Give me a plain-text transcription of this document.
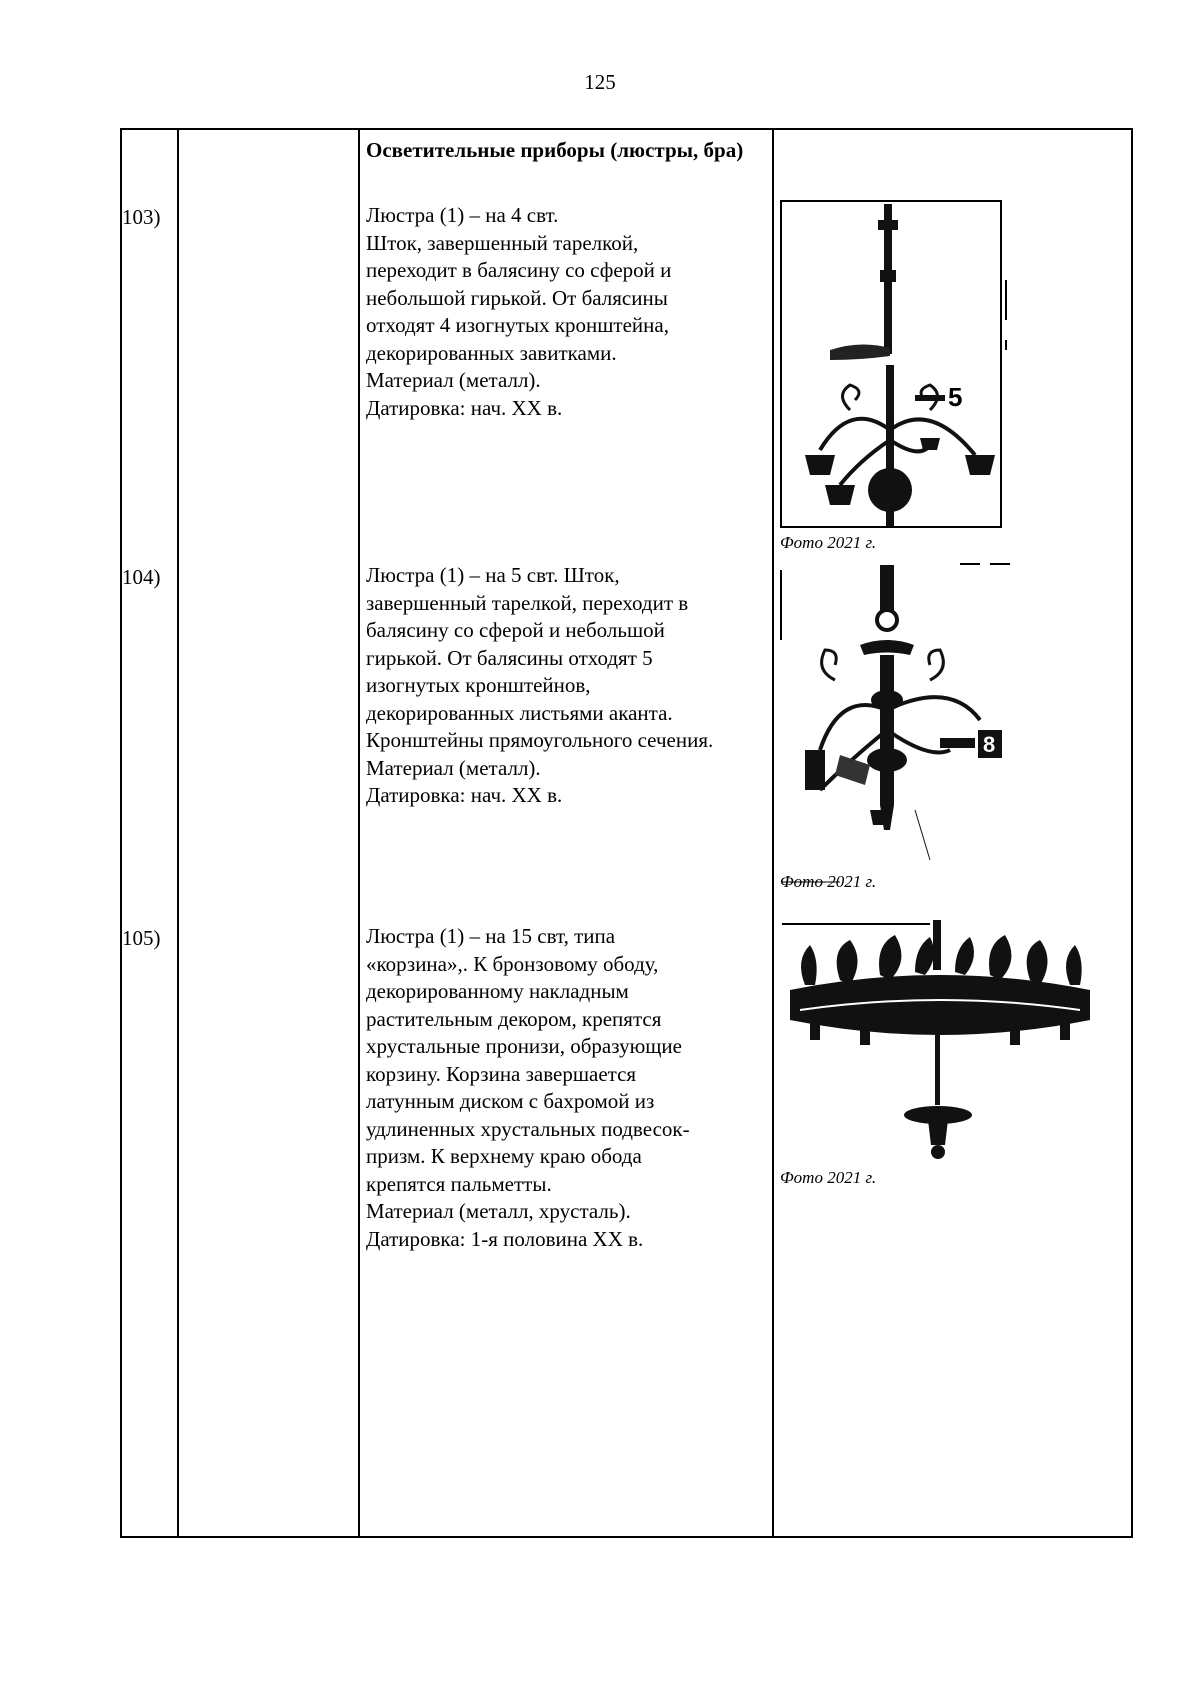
125
Осветительные приборы (люстры, бра)
103)	Люстра (1) – на 4 свт.
Шток, завершенный тарелкой,
переходит в балясину со сферой и
небольшой гирькой. От балясины
отходят 4 изогнутых кронштейна,
декорированных завитками.
Материал (металл).
Датировка: нач. XX в.	5
Фото 2021 г.
104)	Люстра (1) – на 5 свт. Шток,
завершенный тарелкой, переходит в
балясину со сферой и небольшой
гирькой. От балясины отходят 5
изогнутых кронштейнов,
декорированных листьями аканта.
Кронштейны прямоугольного сечения.
Материал (металл).
Датировка: нач. XX в.
8
Фото 2021 г.
105)	Люстра (1) – на 15 свт, типа
«корзина»,. К бронзовому ободу,
декорированному накладным
растительным декором, крепятся
хрустальные пронизи, образующие
корзину. Корзина завершается
латунным диском с бахромой из
удлиненных хрустальных подвесок-
призм. К верхнему краю обода
крепятся пальметты.
Материал (металл, хрусталь).
Датировка: 1-я половина XX в.
Фото 2021 г.
